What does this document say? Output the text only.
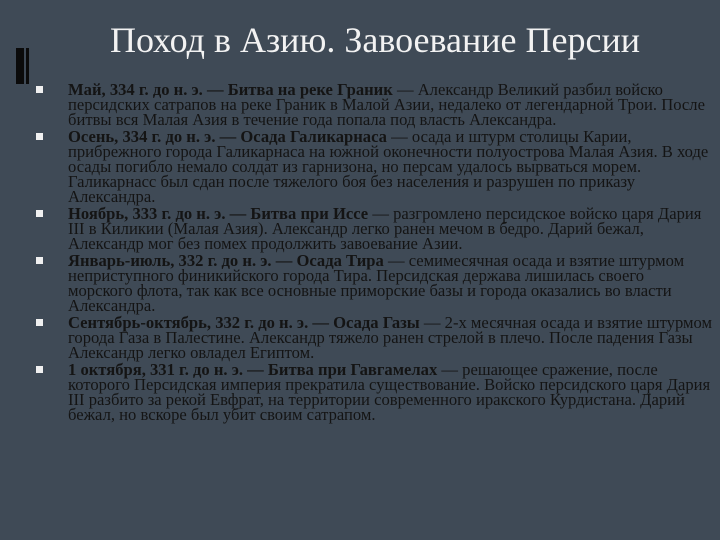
Поход в Азию. Завоевание Персии
Май, 334 г. до н. э. — Битва на реке Граник — Александр Великий разбил войско персидских сатрапов на реке Граник в Малой Азии, недалеко от легендарной Трои. После битвы вся Малая Азия в течение года попала под власть Александра.
Осень, 334 г. до н. э. — Осада Галикарнаса — осада и штурм столицы Карии, прибрежного города Галикарнаса на южной оконечности полуострова Малая Азия. В ходе осады погибло немало солдат из гарнизона, но персам удалось вырваться морем. Галикарнасс был сдан после тяжелого боя без населения и разрушен по приказу Александра.
Ноябрь, 333 г. до н. э. — Битва при Иссе — разгромлено персидское войско царя Дария III в Киликии (Малая Азия). Александр легко ранен мечом в бедро. Дарий бежал, Александр мог без помех продолжить завоевание Азии.
Январь-июль, 332 г. до н. э. — Осада Тира — семимесячная осада и взятие штурмом неприступного финикийского города Тира. Персидская держава лишилась своего морского флота, так как все основные приморские базы и города оказались во власти Александра.
Сентябрь-октябрь, 332 г. до н. э. — Осада Газы — 2-х месячная осада и взятие штурмом города Газа в Палестине. Александр тяжело ранен стрелой в плечо. После падения Газы Александр легко овладел Египтом.
1 октября, 331 г. до н. э. — Битва при Гавгамелах — решающее сражение, после которого Персидская империя прекратила существование. Войско персидского царя Дария III разбито за рекой Евфрат, на территории современного иракского Курдистана. Дарий бежал, но вскоре был убит своим сатрапом.
